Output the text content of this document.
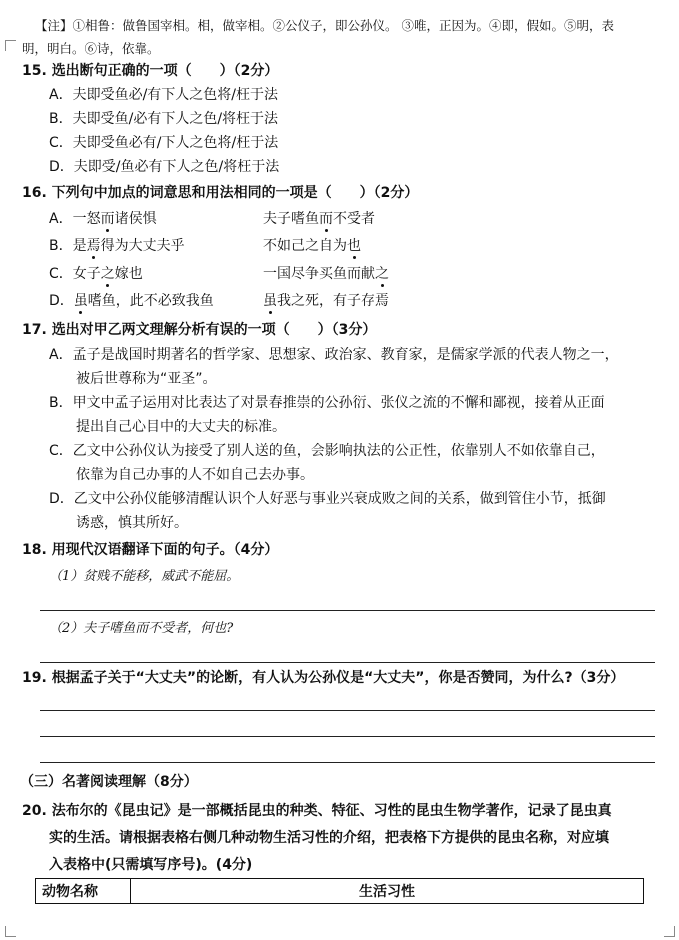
【注】①相鲁：做鲁国宰相。相，做宰相。②公仪子，即公孙仪。 ③唯，正因为。④即，假如。⑤明，表
明，明白。⑥诗，依靠。
15. 选出断句正确的一项（　　）（2分）
A．夫即受鱼必/有下人之色将/枉于法
B．夫即受鱼/必有下人之色/将枉于法
C．夫即受鱼必有/下人之色将/枉于法
D．夫即受/鱼必有下人之色/将枉于法
16. 下列句中加点的词意思和用法相同的一项是（　　）（2分）
A．一怒而诸侯惧	夫子嗜鱼而不受者
B．是焉得为大丈夫乎	不如己之自为也
C．女子之嫁也	一国尽争买鱼而献之
D．虽嗜鱼，此不必致我鱼	虽我之死，有子存焉
17. 选出对甲乙两文理解分析有误的一项（　　）（3分）
A．孟子是战国时期著名的哲学家、思想家、政治家、教育家，是儒家学派的代表人物之一，
被后世尊称为“亚圣”。
B．甲文中孟子运用对比表达了对景春推崇的公孙衍、张仪之流的不懈和鄙视，接着从正面
提出自己心目中的大丈夫的标准。
C．乙文中公孙仪认为接受了别人送的鱼，会影响执法的公正性，依靠别人不如依靠自己，
依靠为自己办事的人不如自己去办事。
D．乙文中公孙仪能够清醒认识个人好恶与事业兴衰成败之间的关系，做到管住小节，抵御
诱惑，慎其所好。
18. 用现代汉语翻译下面的句子。（4分）
（1）贫贱不能移，威武不能屈。
（2）夫子嗜鱼而不受者，何也?
19. 根据孟子关于“大丈夫”的论断，有人认为公孙仪是“大丈夫”，你是否赞同，为什么?（3分）
（三）名著阅读理解（8分）
20. 法布尔的《昆虫记》是一部概括昆虫的种类、特征、习性的昆虫生物学著作，记录了昆虫真
实的生活。请根据表格右侧几种动物生活习性的介绍，把表格下方提供的昆虫名称，对应填
入表格中(只需填写序号)。(4分)
动物名称	生活习性
